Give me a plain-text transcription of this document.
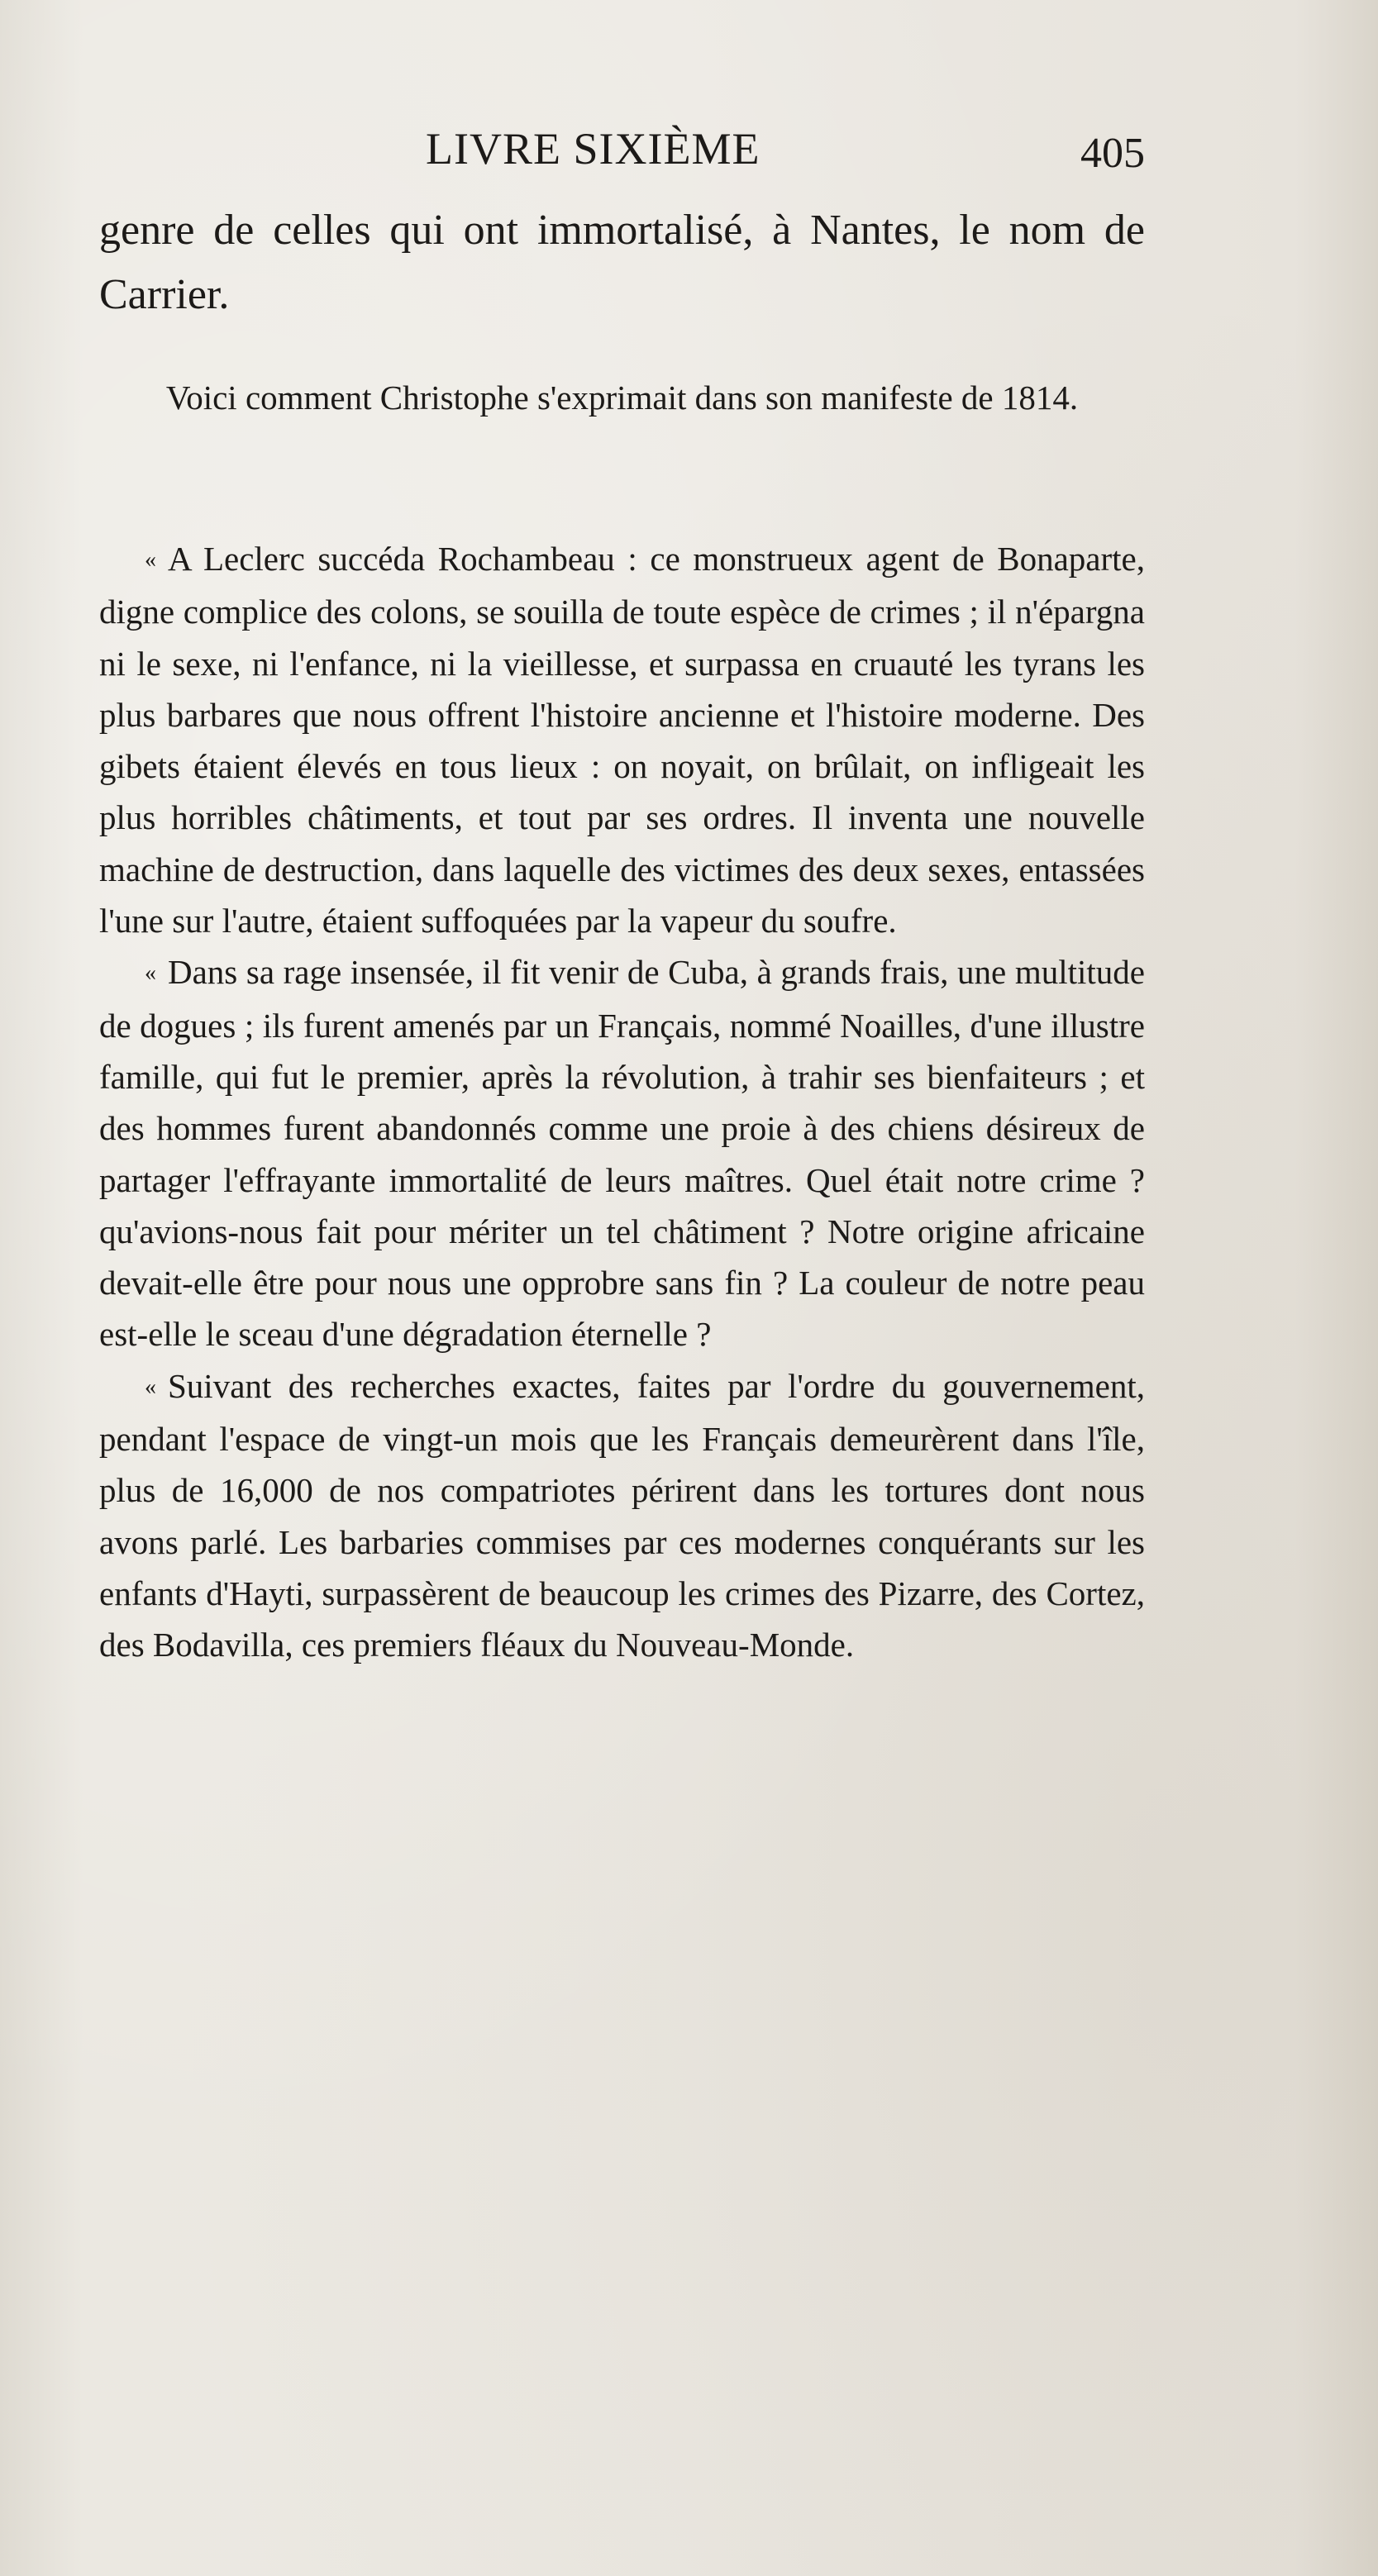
LIVRE SIXIÈME	405
genre de celles qui ont immortalisé, à Nantes, le nom de Carrier.
Voici comment Christophe s'exprimait dans son manifeste de 1814.

« A Leclerc succéda Rochambeau : ce monstrueux agent de Bonaparte, digne complice des colons, se souilla de toute espèce de crimes ; il n'épargna ni le sexe, ni l'enfance, ni la vieillesse, et surpassa en cruauté les tyrans les plus barbares que nous offrent l'histoire ancienne et l'histoire moderne. Des gibets étaient élevés en tous lieux : on noyait, on brûlait, on infligeait les plus horribles châtiments, et tout par ses ordres. Il inventa une nouvelle machine de destruction, dans laquelle des victimes des deux sexes, entassées l'une sur l'autre, étaient suffoquées par la vapeur du soufre.

« Dans sa rage insensée, il fit venir de Cuba, à grands frais, une multitude de dogues ; ils furent amenés par un Français, nommé Noailles, d'une illustre famille, qui fut le premier, après la révolution, à trahir ses bienfaiteurs ; et des hommes furent abandonnés comme une proie à des chiens désireux de partager l'effrayante immortalité de leurs maîtres. Quel était notre crime ? qu'avions-nous fait pour mériter un tel châtiment ? Notre origine africaine devait-elle être pour nous une opprobre sans fin ? La couleur de notre peau est-elle le sceau d'une dégradation éternelle ?

« Suivant des recherches exactes, faites par l'ordre du gouvernement, pendant l'espace de vingt-un mois que les Français demeurèrent dans l'île, plus de 16,000 de nos compatriotes périrent dans les tortures dont nous avons parlé. Les barbaries commises par ces modernes conquérants sur les enfants d'Hayti, surpassèrent de beaucoup les crimes des Pizarre, des Cortez, des Bodavilla, ces premiers fléaux du Nouveau-Monde.
